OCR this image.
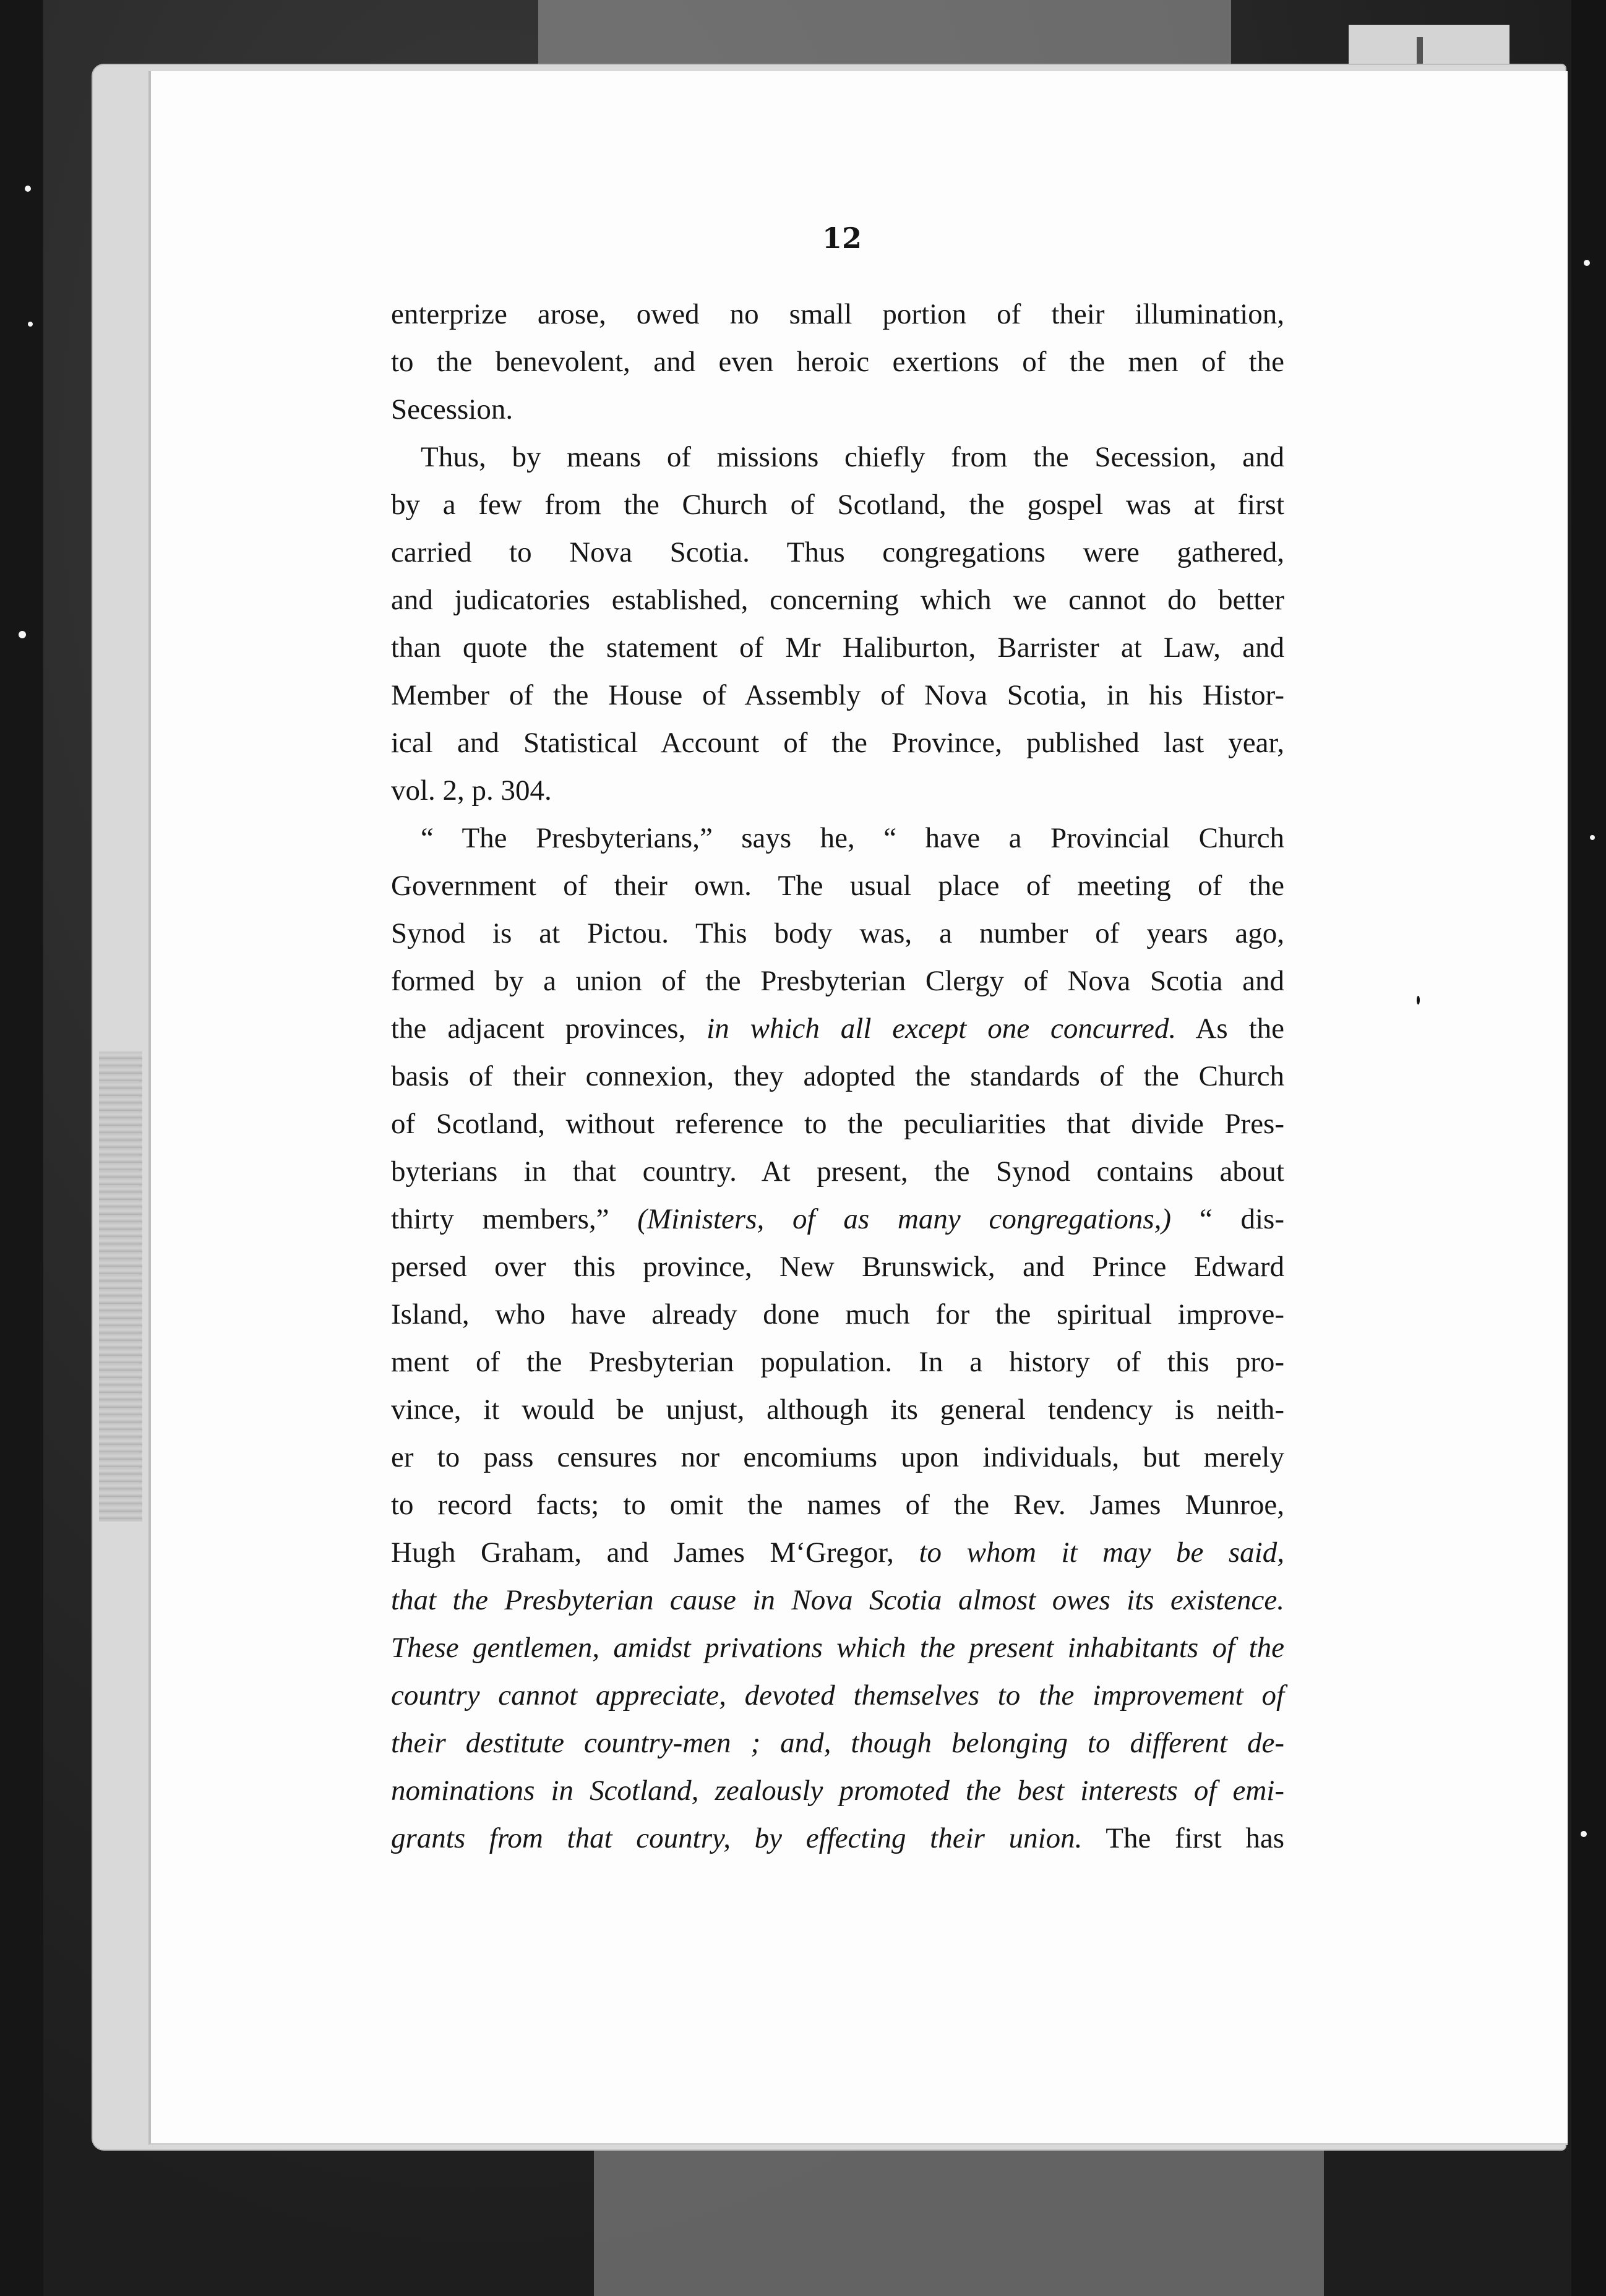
12
enterprize arose, owed no small portion of their illumination,
to the benevolent, and even heroic exertions of the men of the
Secession.
Thus, by means of missions chiefly from the Secession, and
by a few from the Church of Scotland, the gospel was at first
carried to Nova Scotia. Thus congregations were gathered,
and judicatories established, concerning which we cannot do better
than quote the statement of Mr Haliburton, Barrister at Law, and
Member of the House of Assembly of Nova Scotia, in his Histor-
ical and Statistical Account of the Province, published last year,
vol. 2, p. 304.
“ The Presbyterians,” says he, “ have a Provincial Church
Government of their own. The usual place of meeting of the
Synod is at Pictou. This body was, a number of years ago,
formed by a union of the Presbyterian Clergy of Nova Scotia and
the adjacent provinces, in which all except one concurred. As the
basis of their connexion, they adopted the standards of the Church
of Scotland, without reference to the peculiarities that divide Pres-
byterians in that country. At present, the Synod contains about
thirty members,” (Ministers, of as many congregations,) “ dis-
persed over this province, New Brunswick, and Prince Edward
Island, who have already done much for the spiritual improve-
ment of the Presbyterian population. In a history of this pro-
vince, it would be unjust, although its general tendency is neith-
er to pass censures nor encomiums upon individuals, but merely
to record facts; to omit the names of the Rev. James Munroe,
Hugh Graham, and James M‘Gregor, to whom it may be said,
that the Presbyterian cause in Nova Scotia almost owes its existence.
These gentlemen, amidst privations which the present inhabitants of the
country cannot appreciate, devoted themselves to the improvement of
their destitute country-men ; and, though belonging to different de-
nominations in Scotland, zealously promoted the best interests of emi-
grants from that country, by effecting their union. The first has
